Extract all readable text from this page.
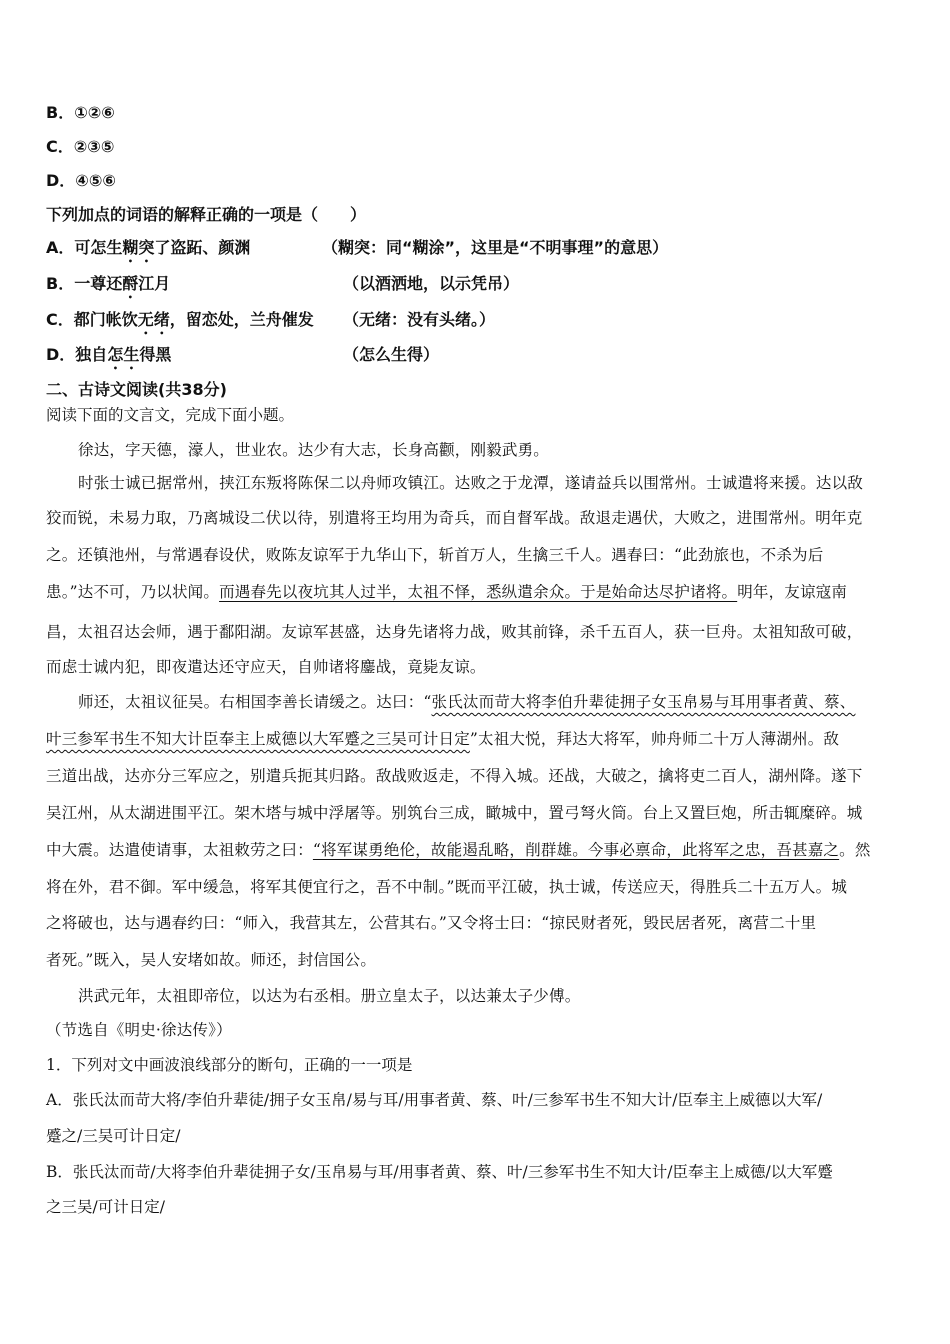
B．①②⑥
C．②③⑤
D．④⑤⑥
下列加点的词语的解释正确的一项是（　　）
A．可怎生糊突了盗跖、颜渊	（糊突：同“糊涂”，这里是“不明事理”的意思）
B．一尊还酹江月	（以酒洒地，以示凭吊）
C．都门帐饮无绪，留恋处，兰舟催发 （无绪：没有头绪。）
D．独自怎生得黑	（怎么生得）
二、古诗文阅读(共38分)
阅读下面的文言文，完成下面小题。
徐达，字天德，濠人，世业农。达少有大志，长身高颧，刚毅武勇。
时张士诚已据常州，挟江东叛将陈保二以舟师攻镇江。达败之于龙潭，遂请益兵以围常州。士诚遣将来援。达以敌
狡而锐，未易力取，乃离城设二伏以待，别遣将王均用为奇兵，而自督军战。敌退走遇伏，大败之，进围常州。明年克
之。还镇池州，与常遇春设伏，败陈友谅军于九华山下，斩首万人，生擒三千人。遇春曰：“此劲旅也，不杀为后
患。”达不可，乃以状闻。而遇春先以夜坑其人过半，太祖不怿，悉纵遣余众。于是始命达尽护诸将。明年，友谅寇南
昌，太祖召达会师，遇于鄱阳湖。友谅军甚盛，达身先诸将力战，败其前锋，杀千五百人，获一巨舟。太祖知敌可破，
而虑士诚内犯，即夜遣达还守应天，自帅诸将鏖战，竟毙友谅。
师还，太祖议征吴。右相国李善长请缓之。达曰：“张氏汰而苛大将李伯升辈徒拥子女玉帛易与耳用事者黄、蔡、
叶三参军书生不知大计臣奉主上威德以大军蹙之三吴可计日定”太祖大悦，拜达大将军，帅舟师二十万人薄湖州。敌
三道出战，达亦分三军应之，别遣兵扼其归路。敌战败返走，不得入城。还战，大破之，擒将吏二百人，湖州降。遂下
吴江州，从太湖进围平江。架木塔与城中浮屠等。别筑台三成，瞰城中，置弓弩火筒。台上又置巨炮，所击辄糜碎。城
中大震。达遣使请事，太祖敕劳之曰：“将军谋勇绝伦，故能遏乱略，削群雄。今事必禀命，此将军之忠，吾甚嘉之。然
将在外，君不御。军中缓急，将军其便宜行之，吾不中制。”既而平江破，执士诚，传送应天，得胜兵二十五万人。城
之将破也，达与遇春约曰：“师入，我营其左，公营其右。”又令将士曰：“掠民财者死，毁民居者死，离营二十里
者死。”既入，吴人安堵如故。师还，封信国公。
洪武元年，太祖即帝位，以达为右丞相。册立皇太子，以达兼太子少傅。
（节选自《明史·徐达传》）
1．下列对文中画波浪线部分的断句，正确的一一项是
A．张氏汰而苛大将/李伯升辈徒/拥子女玉帛/易与耳/用事者黄、蔡、叶/三参军书生不知大计/臣奉主上威德以大军/
蹙之/三吴可计日定/
B．张氏汰而苛/大将李伯升辈徒拥子女/玉帛易与耳/用事者黄、蔡、叶/三参军书生不知大计/臣奉主上威德/以大军蹙
之三吴/可计日定/
